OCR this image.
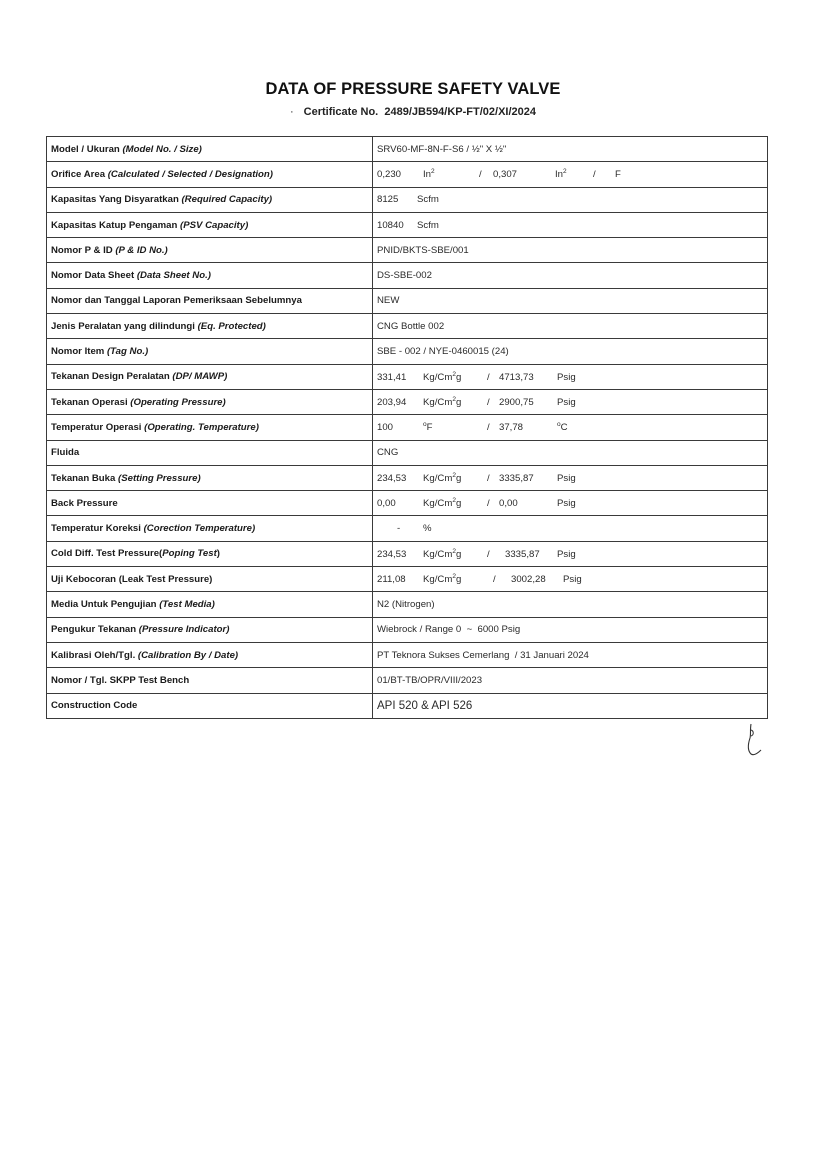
DATA OF PRESSURE SAFETY VALVE
· Certificate No. 2489/JB594/KP-FT/02/XI/2024
Model / Ukuran (Model No. / Size)	SRV60-MF-8N-F-S6 / ½" X ½"
Orifice Area (Calculated / Selected / Designation)	0,230 In$^2$ / 0,307 In$^2$ / F
Kapasitas Yang Disyaratkan (Required Capacity)	8125 Scfm
Kapasitas Katup Pengaman (PSV Capacity)	10840 Scfm
Nomor P & ID (P & ID No.)	PNID/BKTS-SBE/001
Nomor Data Sheet (Data Sheet No.)	DS-SBE-002
Nomor dan Tanggal Laporan Pemeriksaan Sebelumnya	NEW
Jenis Peralatan yang dilindungi (Eq. Protected)	CNG Bottle 002
Nomor Item (Tag No.)	SBE - 002 / NYE-0460015 (24)
Tekanan Design Peralatan (DP/ MAWP)	331,41 Kg/Cm$^2$g / 4713,73 Psig
Tekanan Operasi (Operating Pressure)	203,94 Kg/Cm$^2$g / 2900,75 Psig
Temperatur Operasi (Operating. Temperature)	100 $^o$F / 37,78 $^o$C
Fluida	CNG
Tekanan Buka (Setting Pressure)	234,53 Kg/Cm$^2$g / 3335,87 Psig
Back Pressure	0,00 Kg/Cm$^2$g / 0,00 Psig
Temperatur Koreksi (Corection Temperature)	- %
Cold Diff. Test Pressure(Poping Test)	234,53 Kg/Cm$^2$g / 3335,87 Psig
Uji Kebocoran (Leak Test Pressure)	211,08 Kg/Cm$^2$g / 3002,28 Psig
Media Untuk Pengujian (Test Media)	N2 (Nitrogen)
Pengukur Tekanan (Pressure Indicator)	Wiebrock / Range 0  ~  6000 Psig
Kalibrasi Oleh/Tgl. (Calibration By / Date)	PT Teknora Sukses Cemerlang  / 31 Januari 2024
Nomor / Tgl. SKPP Test Bench	01/BT-TB/OPR/VIII/2023
Construction Code	API 520 & API 526
